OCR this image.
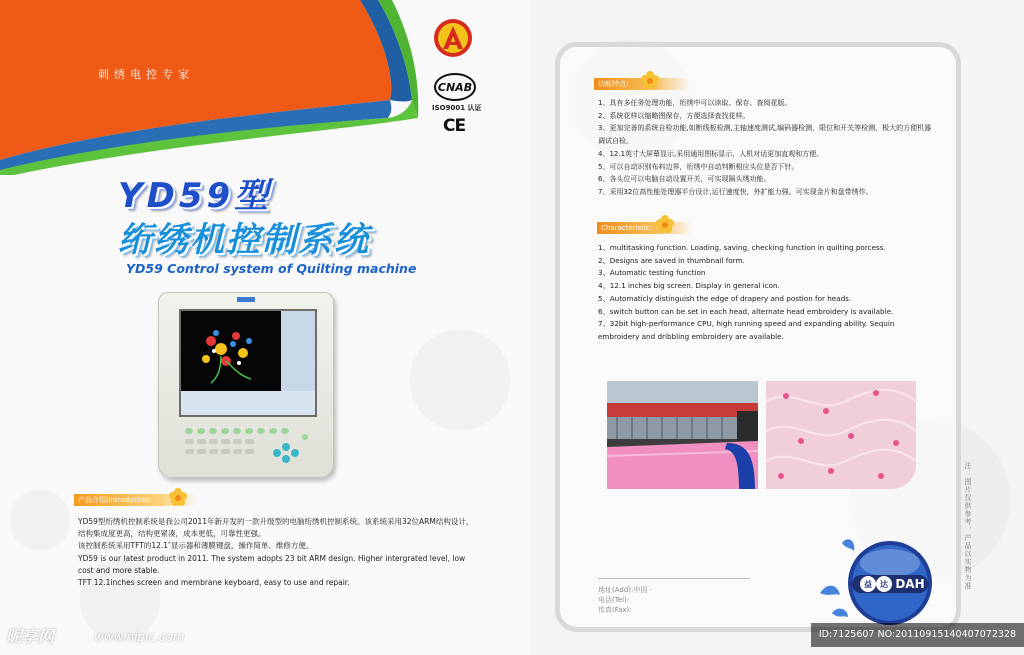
刺绣电控专家
CNAB
ISO9001 认证
CE
YD59型
绗绣机控制系统
YD59 Control system of Quilting machine
产品介绍/Introduction

YD59型绗绣机控制系统是我公司2011年新开发的一款升级型的电脑绗绣机控制系统。该系统采用32位ARM结构设计，结构集成度更高，结构更紧凑，成本更低，可靠性更强。

该控制系统采用TFT的12.1″显示器和薄膜键盘，操作简单、维修方便。

YD59 is our latest product in 2011. The system adopts 23 bit ARM design. Higher intergrated level, low cost and more stable.

TFT 12.1inches screen and membrane keyboard, easy to use and repair.

功能特点：
1、具有多任务处理功能，绗绣中可以读取、保存、查阅花版。
2、系统花样以缩略图保存，方便选择查找花样。
3、更加完善的系统自检功能,如断线板检测,主轴速度测试,编码器检测，限位和开关等检测，极大的方便机器调试自检。
4、12.1英寸大屏幕显示,采用通用图标显示，人机对话更加直观和方便。
5、可以自动识别布料边界，绗绣中自动判断相应头位是否下针。
6、各头位可以电脑自动设置开关，可实现隔头绣功能。
7、采用32位高性能处理器平台设计,运行速度快，外扩能力强。可实现金片和盘带绣作。
Characteristic:
1、multitasking function. Loading, saving, checking function in quilting porcess.
2、Designs are saved in thumbnail form.
3、Automatic testing function
4、12.1 inches big screen. Display in general icon.
5、Automaticly distinguish the edge of drapery and postion for heads.
6、switch button can be set in each head, alternate head embroidery is available.
7、32bit high-performance CPU, high running speed and expanding ability. Sequin embroidery and dribbling embroidery are available.
地址(Add):中国 ·
电话(Tel):
传真(Fax):
注：图片仅供参考，产品以实物为准
益 达 DAH
昵享网	www.nipic.com	ID:7125607 NO:20110915140407072328
